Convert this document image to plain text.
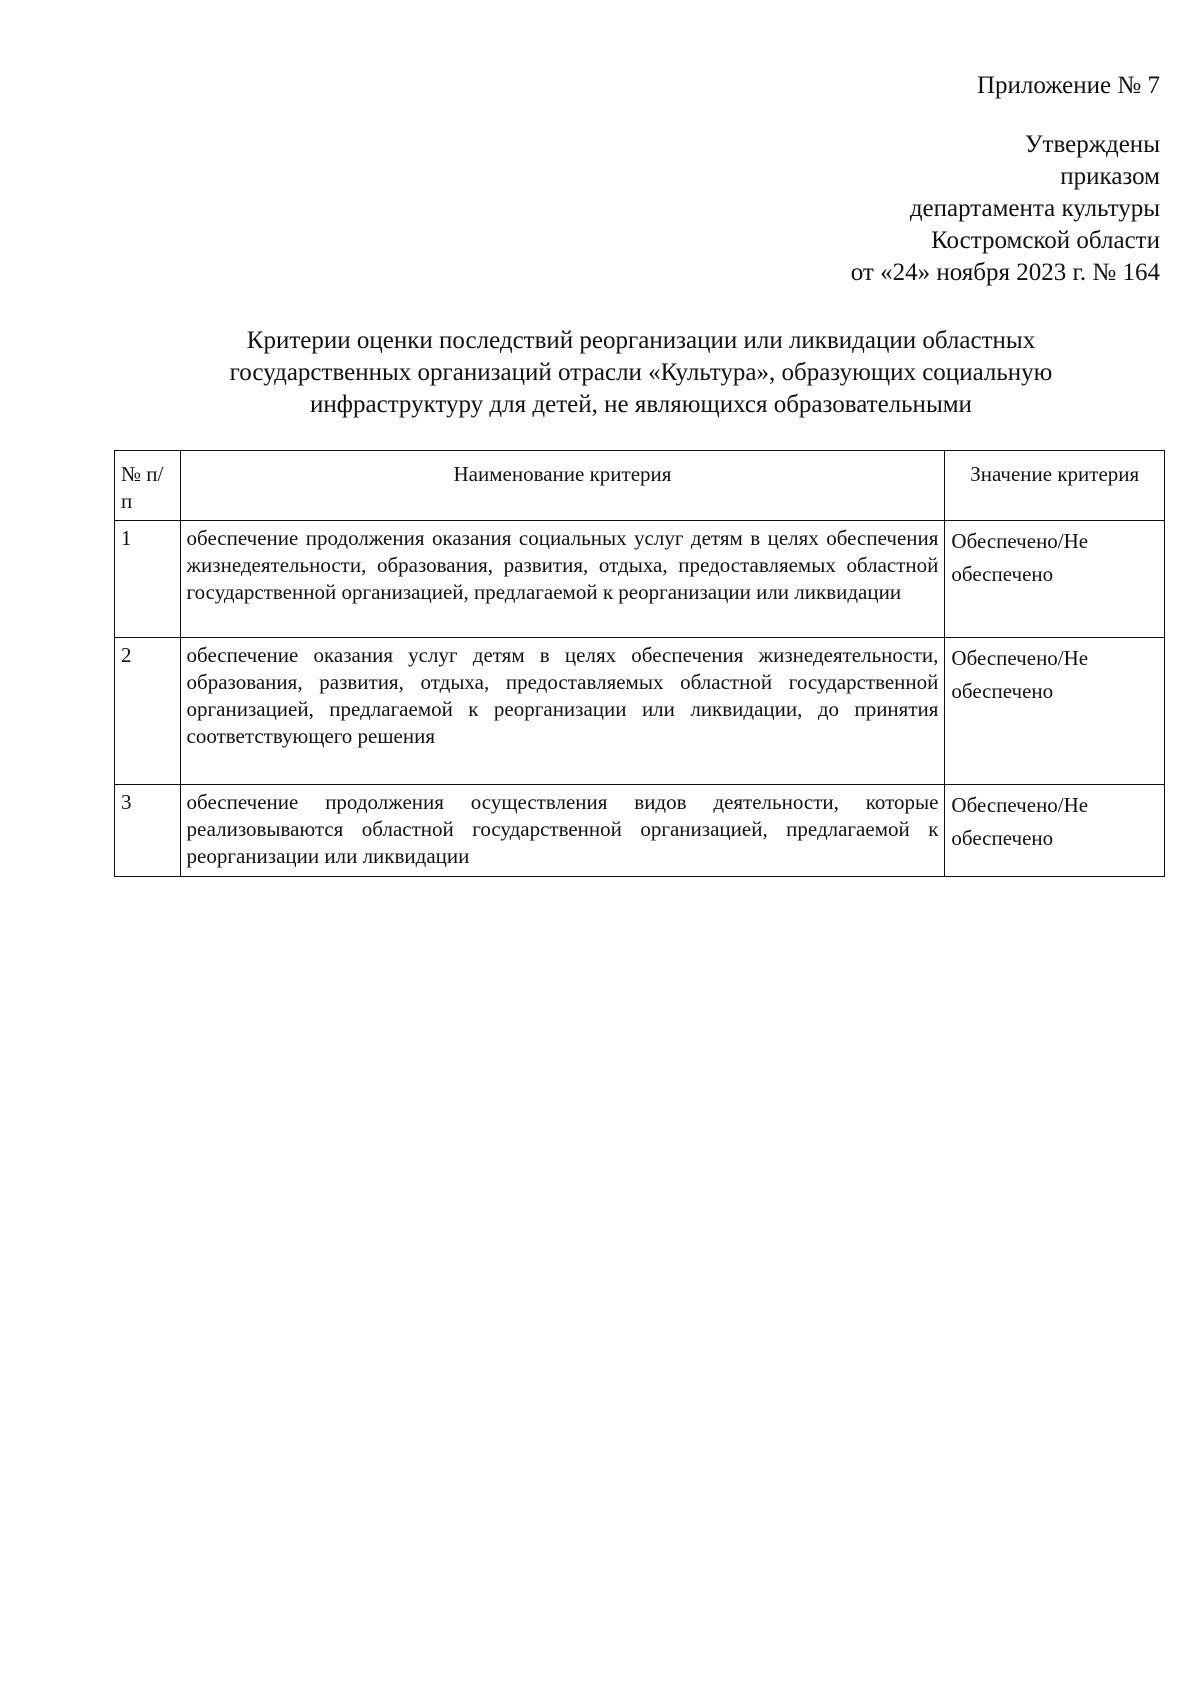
Приложение № 7
Утверждены
приказом
департамента культуры
Костромской области
от «24» ноября 2023 г. № 164
Критерии оценки последствий реорганизации или ликвидации областных
государственных организаций отрасли «Культура», образующих социальную
инфраструктуру для детей, не являющихся образовательными
№ п/п	Наименование критерия	Значение критерия
1	обеспечение продолжения оказания социальных услуг детям в целях обеспечения жизнедеятельности, образования, развития, отдыха, предоставляемых областной государственной организацией, предлагаемой к реорганизации или ликвидации	Обеспечено/Не
обеспечено

2	обеспечение оказания услуг детям в целях обеспечения жизнедеятельности, образования, развития, отдыха, предоставляемых областной государственной организацией, предлагаемой к реорганизации или ликвидации, до принятия соответствующего решения	Обеспечено/Не
обеспечено

3	обеспечение продолжения осуществления видов деятельности, которые реализовываются областной государственной организацией, предлагаемой к реорганизации или ликвидации	Обеспечено/Не
обеспечено
